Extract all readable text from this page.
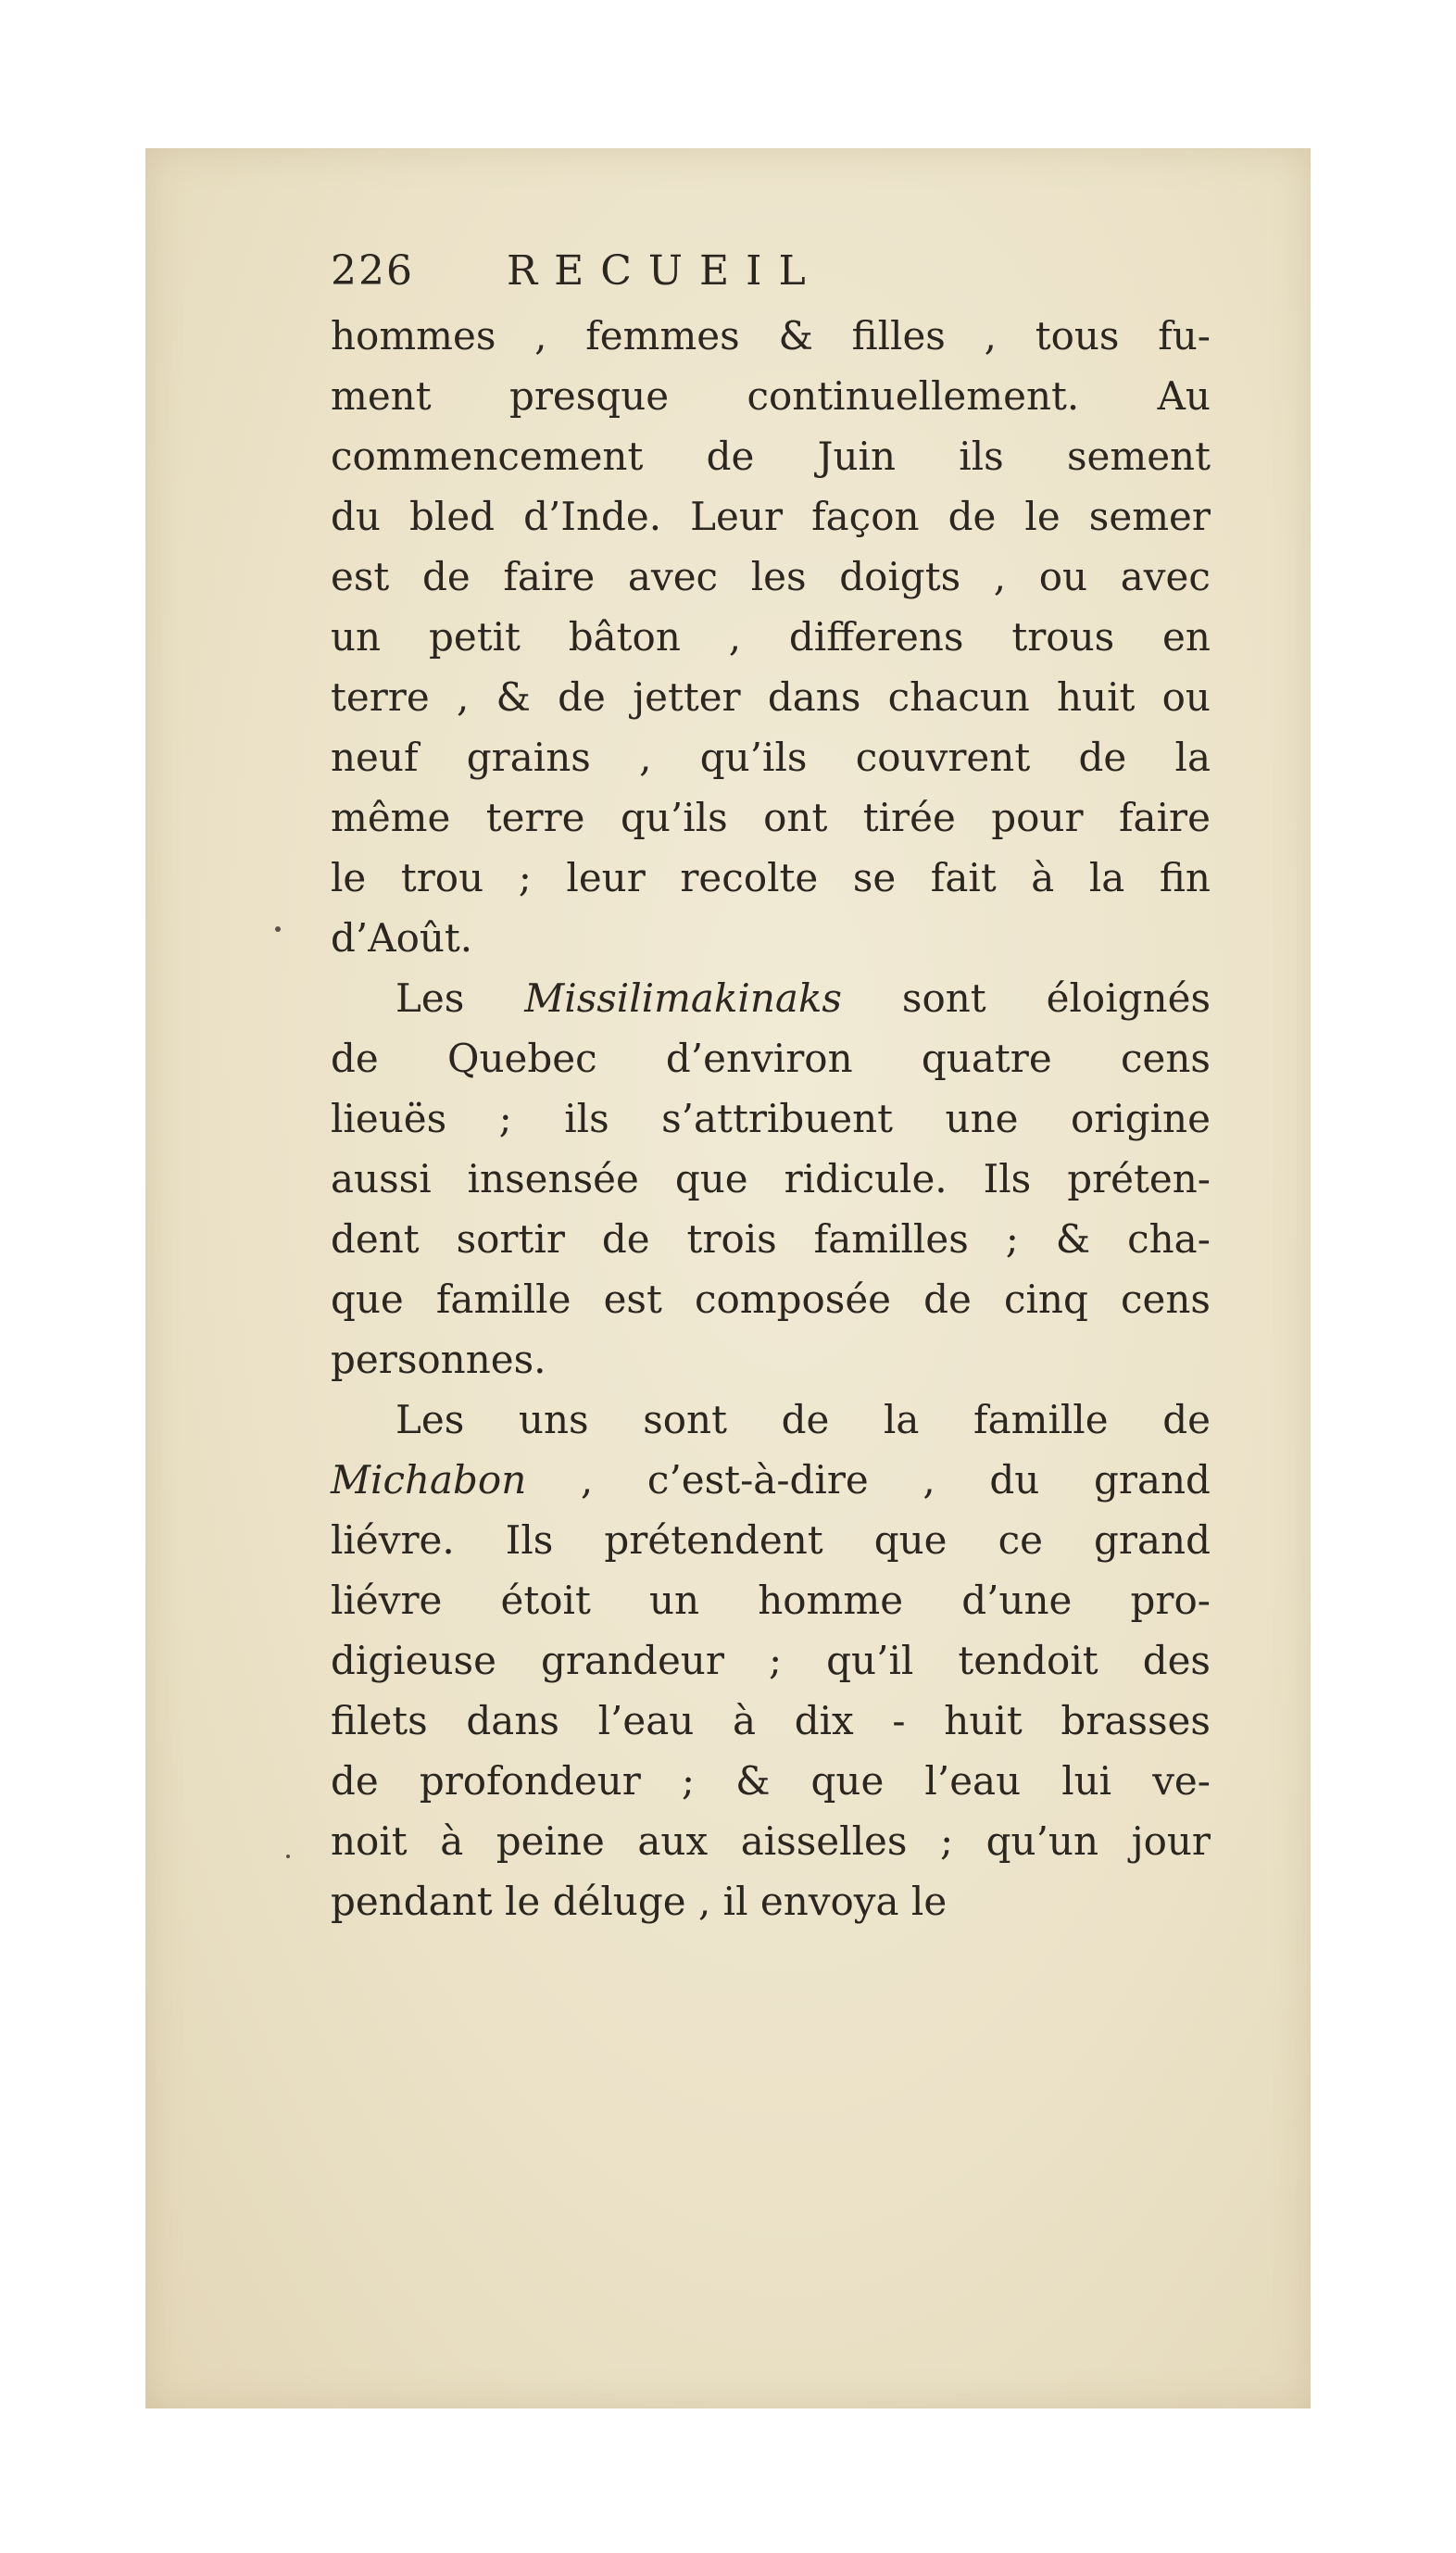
226	RECUEIL
hommes , femmes & filles , tous fu-
ment presque continuellement. Au
commencement de Juin ils sement
du bled d’Inde. Leur façon de le semer
est de faire avec les doigts , ou avec
un petit bâton , differens trous en
terre , & de jetter dans chacun huit ou
neuf grains , qu’ils couvrent de la
même terre qu’ils ont tirée pour faire
le trou ; leur recolte se fait à la fin
d’Août.
Les Missilimakinaks sont éloignés
de Quebec d’environ quatre cens
lieuës ; ils s’attribuent une origine
aussi insensée que ridicule. Ils préten-
dent sortir de trois familles ; & cha-
que famille est composée de cinq cens
personnes.
Les uns sont de la famille de
Michabon , c’est-à-dire , du grand
liévre. Ils prétendent que ce grand
liévre étoit un homme d’une pro-
digieuse grandeur ; qu’il tendoit des
filets dans l’eau à dix - huit brasses
de profondeur ; & que l’eau lui ve-
noit à peine aux aisselles ; qu’un jour
pendant le déluge , il envoya le
